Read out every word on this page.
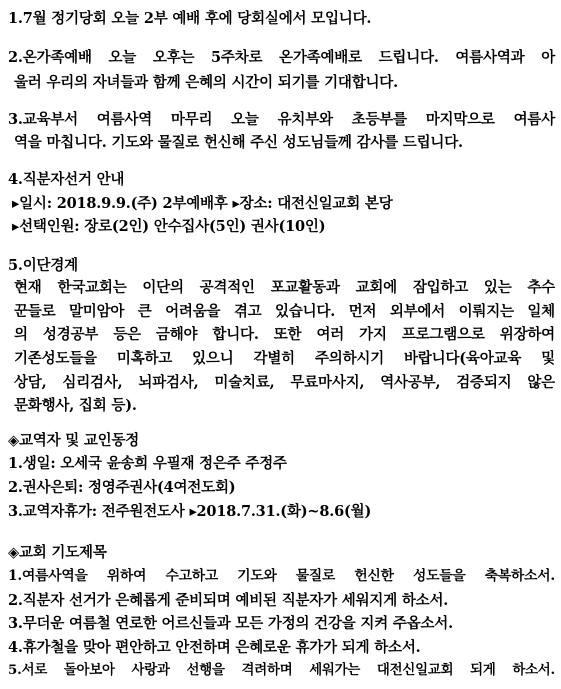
1.7월 정기당회 오늘 2부 예배 후에 당회실에서 모입니다.
2.온가족예배 오늘 오후는 5주차로 온가족예배로 드립니다. 여름사역과 아
울러 우리의 자녀들과 함께 은혜의 시간이 되기를 기대합니다.
3.교육부서 여름사역 마무리 오늘 유치부와 초등부를 마지막으로 여름사
역을 마칩니다. 기도와 물질로 헌신해 주신 성도님들께 감사를 드립니다.
4.직분자선거 안내
▸일시: 2018.9.9.(주) 2부예배후 ▸장소: 대전신일교회 본당
▸선택인원: 장로(2인) 안수집사(5인) 권사(10인)
5.이단경계
현재 한국교회는 이단의 공격적인 포교활동과 교회에 잠입하고 있는 추수
꾼들로 말미암아 큰 어려움을 겪고 있습니다. 먼저 외부에서 이뤄지는 일체
의 성경공부 등은 금해야 합니다. 또한 여러 가지 프로그램으로 위장하여
기존성도들을 미혹하고 있으니 각별히 주의하시기 바랍니다(육아교육 및
상담, 심리검사, 뇌파검사, 미술치료, 무료마사지, 역사공부, 검증되지 않은
문화행사, 집회 등).
◈교역자 및 교인동정
1.생일: 오세국 윤송희 우필재 정은주 주정주
2.권사은퇴: 정영주권사(4여전도회)
3.교역자휴가: 전주원전도사 ▸2018.7.31.(화)~8.6(월)
◈교회 기도제목
1.여름사역을 위하여 수고하고 기도와 물질로 헌신한 성도들을 축복하소서.
2.직분자 선거가 은혜롭게 준비되며 예비된 직분자가 세워지게 하소서.
3.무더운 여름철 연로한 어르신들과 모든 가정의 건강을 지켜 주옵소서.
4.휴가철을 맞아 편안하고 안전하며 은혜로운 휴가가 되게 하소서.
5.서로 돌아보아 사랑과 선행을 격려하며 세워가는 대전신일교회 되게 하소서.
